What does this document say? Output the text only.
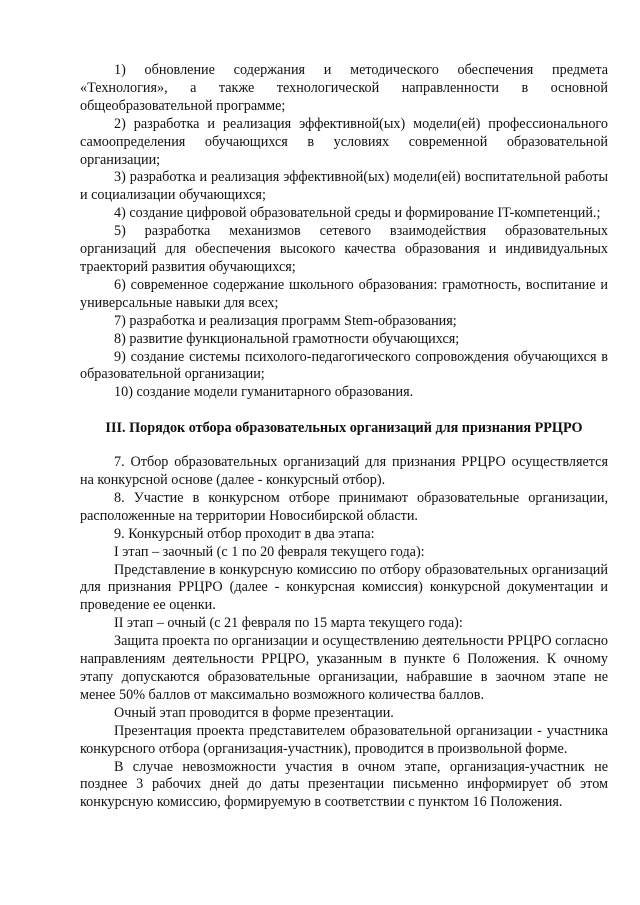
1) обновление содержания и методического обеспечения предмета «Технология», а также технологической направленности в основной общеобразовательной программе;

2) разработка и реализация эффективной(ых) модели(ей) профессионального самоопределения обучающихся в условиях современной образовательной организации;

3) разработка и реализация эффективной(ых) модели(ей) воспитательной работы и социализации обучающихся;

4) создание цифровой образовательной среды и формирование IT-компетенций.;

5) разработка механизмов сетевого взаимодействия образовательных организаций для обеспечения высокого качества образования и индивидуальных траекторий развития обучающихся;

6) современное содержание школьного образования: грамотность, воспитание и универсальные навыки для всех;

7) разработка и реализация программ Stem-образования;

8) развитие функциональной грамотности обучающихся;

9) создание системы психолого-педагогического сопровождения обучающихся в образовательной организации;

10) создание модели гуманитарного образования.

III. Порядок отбора образовательных организаций для признания РРЦРО

7. Отбор образовательных организаций для признания РРЦРО осуществляется на конкурсной основе (далее - конкурсный отбор).

8. Участие в конкурсном отборе принимают образовательные организации, расположенные на территории Новосибирской области.

9. Конкурсный отбор проходит в два этапа:

I этап – заочный (с 1 по 20 февраля текущего года):

Представление в конкурсную комиссию по отбору образовательных организаций для признания РРЦРО (далее - конкурсная комиссия) конкурсной документации и проведение ее оценки.

II этап – очный (с 21 февраля по 15 марта текущего года):

Защита проекта по организации и осуществлению деятельности РРЦРО согласно направлениям деятельности РРЦРО, указанным в пункте 6 Положения. К очному этапу допускаются образовательные организации, набравшие в заочном этапе не менее 50% баллов от максимально возможного количества баллов.

Очный этап проводится в форме презентации.

Презентация проекта представителем образовательной организации - участника конкурсного отбора (организация-участник), проводится в произвольной форме.

В случае невозможности участия в очном этапе, организация-участник не позднее 3 рабочих дней до даты презентации письменно информирует об этом конкурсную комиссию, формируемую в соответствии с пунктом 16 Положения.
